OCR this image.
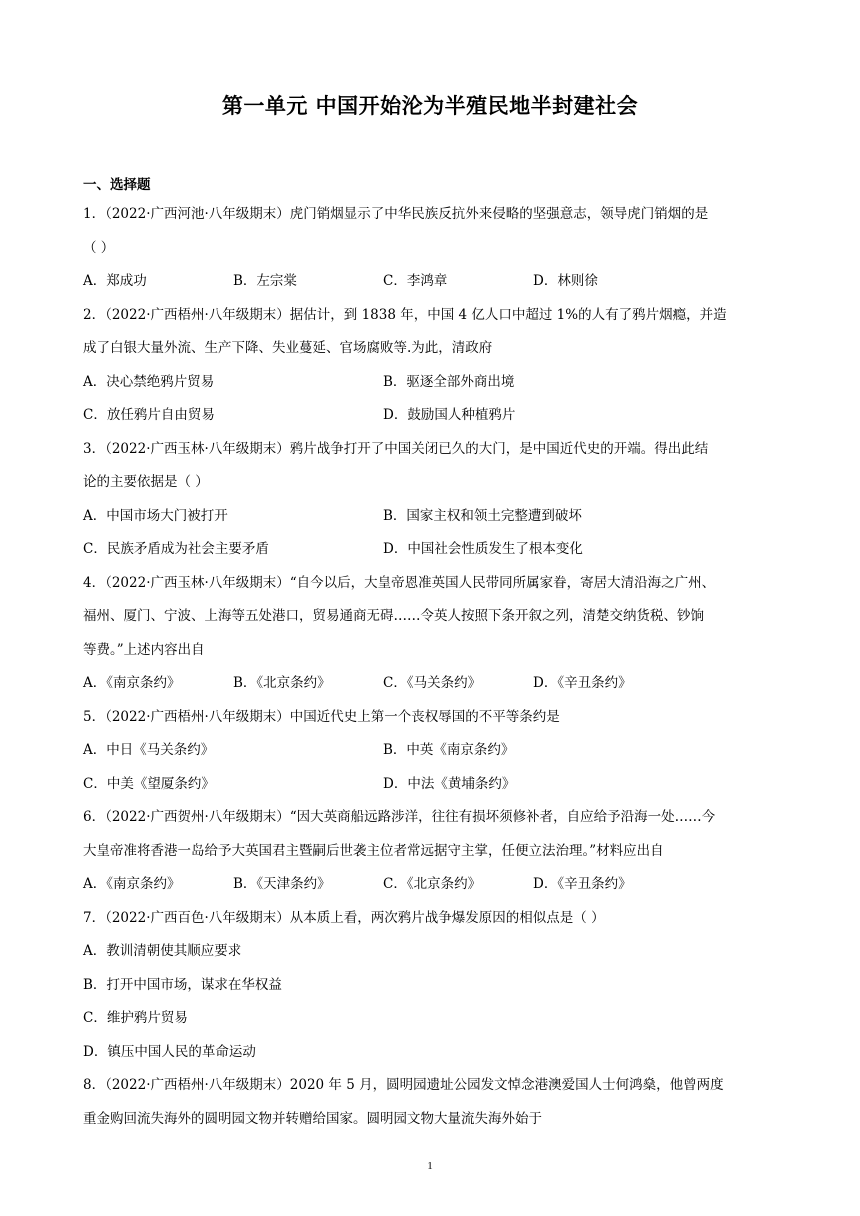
第一单元 中国开始沦为半殖民地半封建社会
一、选择题
1．（2022·广西河池·八年级期末）虎门销烟显示了中华民族反抗外来侵略的坚强意志，领导虎门销烟的是
（ ）
A．郑成功	B．左宗棠	C．李鸿章	D．林则徐
2．（2022·广西梧州·八年级期末）据估计，到 1838 年，中国 4 亿人口中超过 1%的人有了鸦片烟瘾，并造
成了白银大量外流、生产下降、失业蔓延、官场腐败等.为此，清政府
A．决心禁绝鸦片贸易	B．驱逐全部外商出境
C．放任鸦片自由贸易	D．鼓励国人种植鸦片
3．（2022·广西玉林·八年级期末）鸦片战争打开了中国关闭已久的大门，是中国近代史的开端。得出此结
论的主要依据是（ ）
A．中国市场大门被打开	B．国家主权和领土完整遭到破坏
C．民族矛盾成为社会主要矛盾	D．中国社会性质发生了根本变化
4．（2022·广西玉林·八年级期末）“自今以后，大皇帝恩准英国人民带同所属家眷，寄居大清沿海之广州、
福州、厦门、宁波、上海等五处港口，贸易通商无碍……令英人按照下条开叙之列，清楚交纳货税、钞饷
等费。”上述内容出自
A．《南京条约》	B．《北京条约》	C．《马关条约》	D．《辛丑条约》
5．（2022·广西梧州·八年级期末）中国近代史上第一个丧权辱国的不平等条约是
A．中日《马关条约》	B．中英《南京条约》
C．中美《望厦条约》	D．中法《黄埔条约》
6．（2022·广西贺州·八年级期末）“因大英商船远路涉洋，往往有损坏须修补者，自应给予沿海一处……今
大皇帝准将香港一岛给予大英国君主暨嗣后世袭主位者常远据守主掌，任便立法治理。”材料应出自
A．《南京条约》	B．《天津条约》	C．《北京条约》	D．《辛丑条约》
7．（2022·广西百色·八年级期末）从本质上看，两次鸦片战争爆发原因的相似点是（ ）
A．教训清朝使其顺应要求
B．打开中国市场，谋求在华权益
C．维护鸦片贸易
D．镇压中国人民的革命运动
8．（2022·广西梧州·八年级期末）2020 年 5 月，圆明园遗址公园发文悼念港澳爱国人士何鸿燊，他曾两度
重金购回流失海外的圆明园文物并转赠给国家。圆明园文物大量流失海外始于
1
